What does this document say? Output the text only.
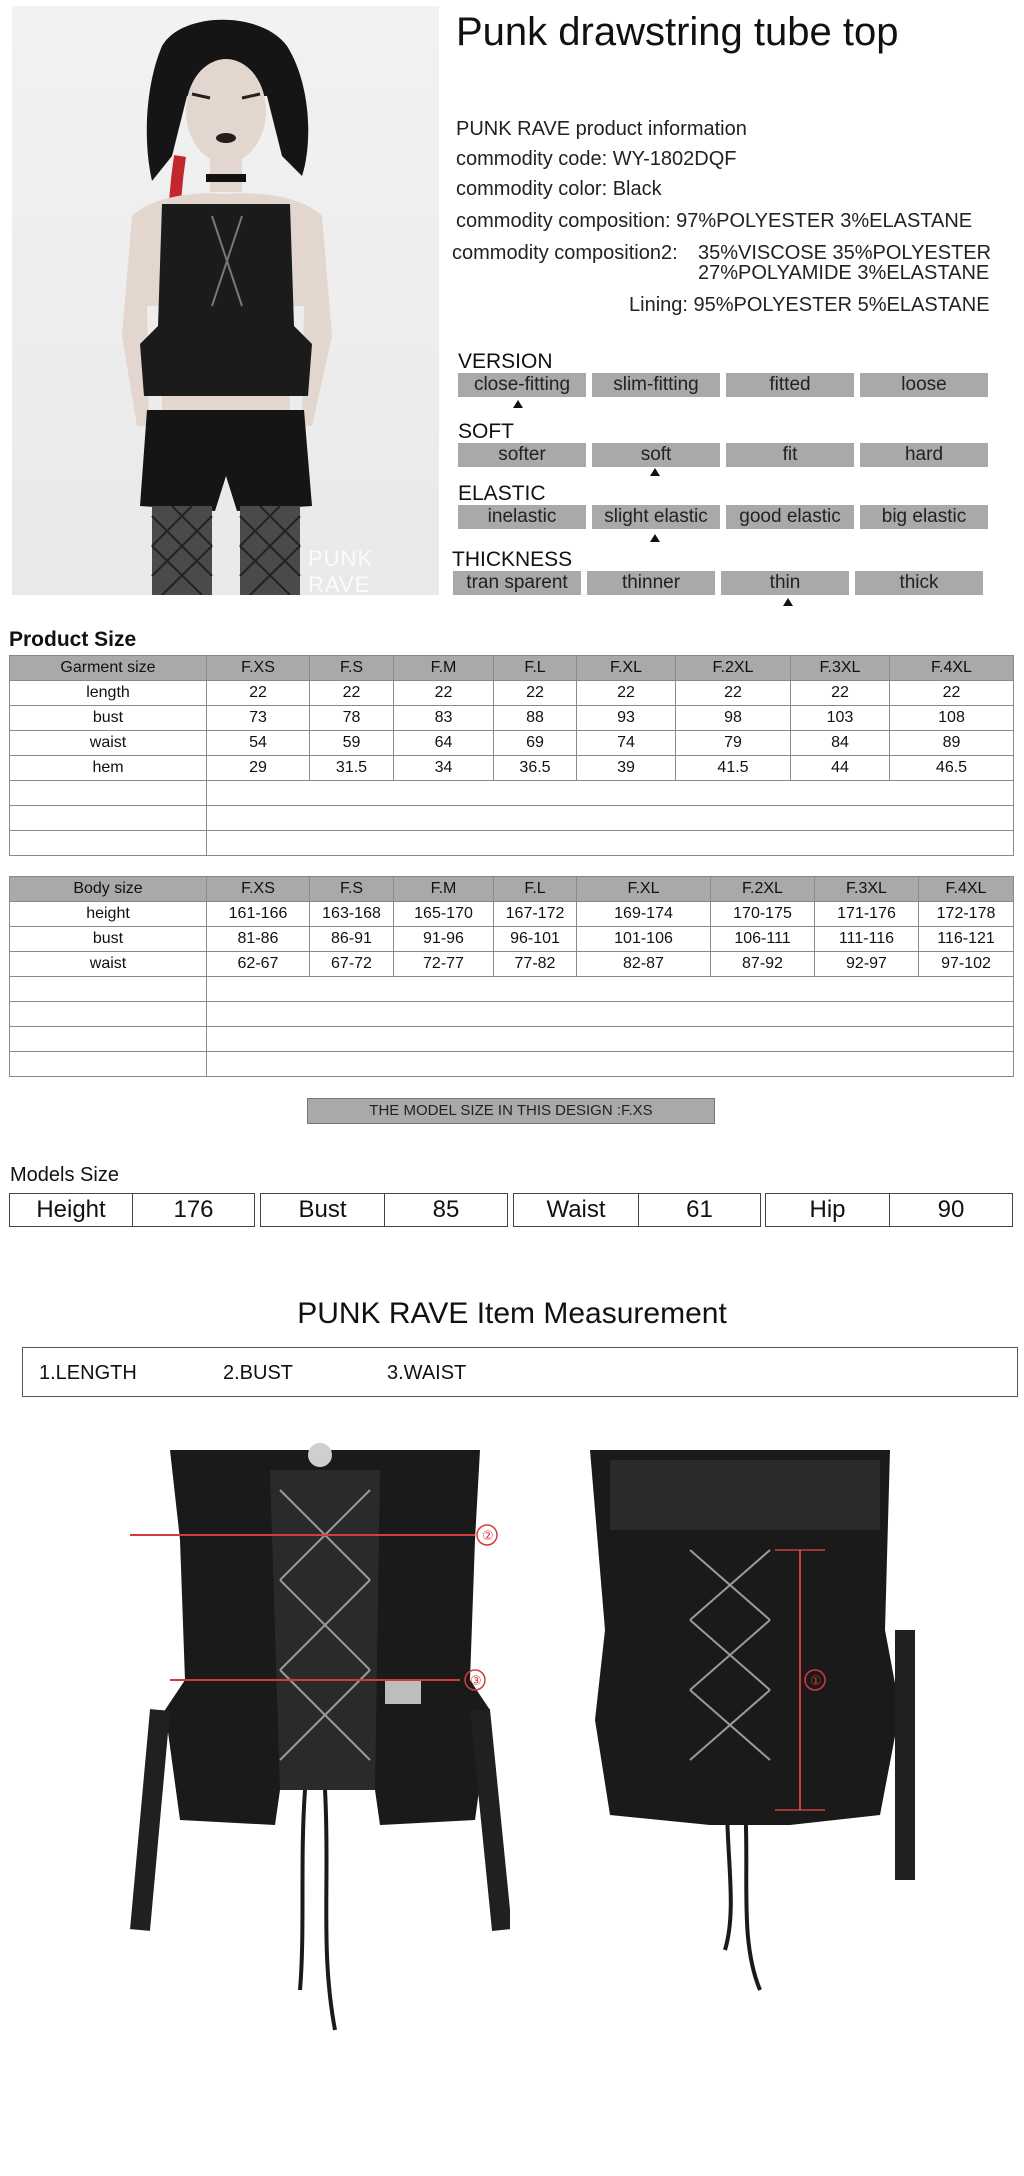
PUNK RAVE
Punk drawstring tube top
PUNK RAVE product information
commodity code: WY-1802DQF
commodity color: Black
commodity composition: 97%POLYESTER 3%ELASTANE
commodity composition2: 35%VISCOSE 35%POLYESTER
27%POLYAMIDE 3%ELASTANE
Lining: 95%POLYESTER 5%ELASTANE
VERSION
close-fitting	slim-fitting	fitted	loose
SOFT
softer	soft	fit	hard
ELASTIC
inelastic	slight elastic	good elastic	big elastic
THICKNESS
tran sparent	thinner	thin	thick
Product Size
Garment size	F.XS	F.S	F.M	F.L	F.XL	F.2XL	F.3XL	F.4XL
length	22	22	22	22	22	22	22	22
bust	73	78	83	88	93	98	103	108
waist	54	59	64	69	74	79	84	89
hem	29	31.5	34	36.5	39	41.5	44	46.5

Body size	F.XS	F.S	F.M	F.L	F.XL	F.2XL	F.3XL	F.4XL
height	161-166	163-168	165-170	167-172	169-174	170-175	171-176	172-178
bust	81-86	86-91	91-96	96-101	101-106	106-111	111-116	116-121
waist	62-67	67-72	72-77	77-82	82-87	87-92	92-97	97-102

THE MODEL SIZE IN THIS DESIGN :F.XS
Models Size
Height	176	Bust	85	Waist	61	Hip	90
PUNK RAVE Item Measurement
1.LENGTH	2.BUST	3.WAIST
②
③	①
